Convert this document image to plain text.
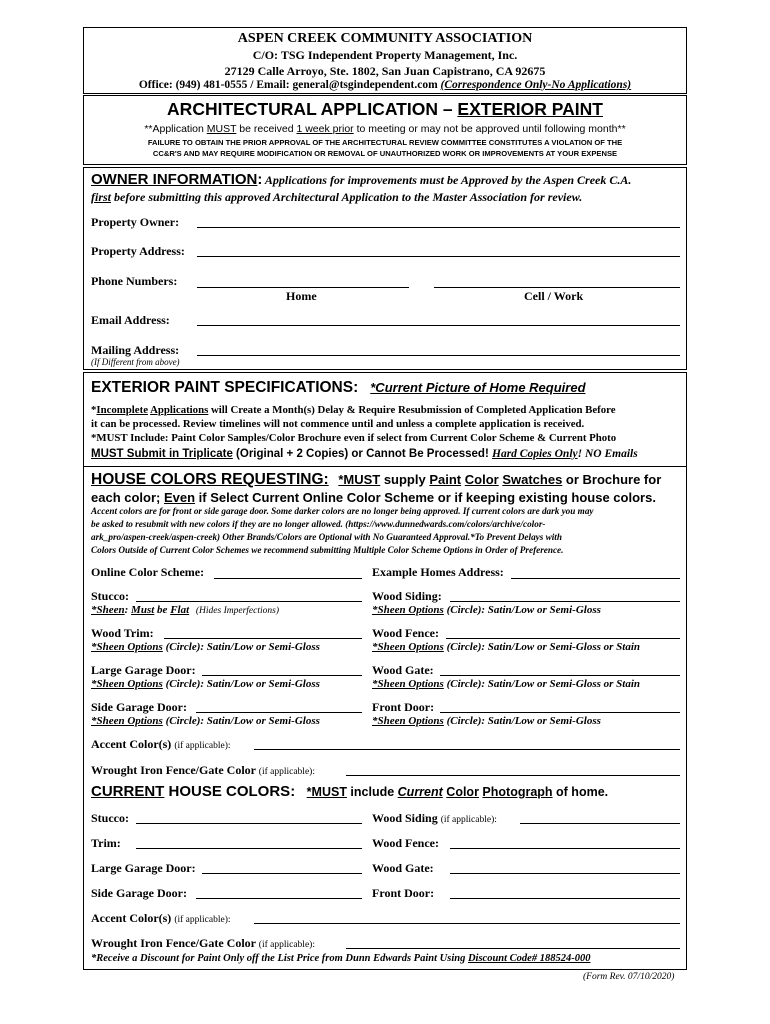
ASPEN CREEK COMMUNITY ASSOCIATION
C/O: TSG Independent Property Management, Inc.
27129 Calle Arroyo, Ste. 1802, San Juan Capistrano, CA 92675
Office: (949) 481-0555 / Email: general@tsgindependent.com (Correspondence Only-No Applications)
ARCHITECTURAL APPLICATION – EXTERIOR PAINT
**Application MUST be received 1 week prior to meeting or may not be approved until following month**
FAILURE TO OBTAIN THE PRIOR APPROVAL OF THE ARCHITECTURAL REVIEW COMMITTEE CONSTITUTES A VIOLATION OF THE
CC&R'S AND MAY REQUIRE MODIFICATION OR REMOVAL OF UNAUTHORIZED WORK OR IMPROVEMENTS AT YOUR EXPENSE
OWNER INFORMATION: Applications for improvements must be Approved by the Aspen Creek C.A.
first before submitting this approved Architectural Application to the Master Association for review.
Property Owner:
Property Address:
Phone Numbers:
Home	Cell / Work
Email Address:
Mailing Address:
(If Different from above)
EXTERIOR PAINT SPECIFICATIONS: *Current Picture of Home Required
*Incomplete Applications will Create a Month(s) Delay & Require Resubmission of Completed Application Before
it can be processed. Review timelines will not commence until and unless a complete application is received.
*MUST Include: Paint Color Samples/Color Brochure even if select from Current Color Scheme & Current Photo
MUST Submit in Triplicate (Original + 2 Copies) or Cannot Be Processed! Hard Copies Only! NO Emails
HOUSE COLORS REQUESTING: *MUST supply Paint Color Swatches or Brochure for
each color; Even if Select Current Online Color Scheme or if keeping existing house colors.
Accent colors are for front or side garage door. Some darker colors are no longer being approved. If current colors are dark you may
be asked to resubmit with new colors if they are no longer allowed. (https://www.dunnedwards.com/colors/archive/color-
ark_pro/aspen-creek/aspen-creek) Other Brands/Colors are Optional with No Guaranteed Approval.*To Prevent Delays with
Colors Outside of Current Color Schemes we recommend submitting Multiple Color Scheme Options in Order of Preference.
Online Color Scheme:	Example Homes Address:
Stucco:
*Sheen: Must be Flat (Hides Imperfections)
Wood Siding:
*Sheen Options (Circle): Satin/Low or Semi-Gloss
Wood Trim:
*Sheen Options (Circle): Satin/Low or Semi-Gloss
Wood Fence:
*Sheen Options (Circle): Satin/Low or Semi-Gloss or Stain
Large Garage Door:
*Sheen Options (Circle): Satin/Low or Semi-Gloss
Wood Gate:
*Sheen Options (Circle): Satin/Low or Semi-Gloss or Stain
Side Garage Door:
*Sheen Options (Circle): Satin/Low or Semi-Gloss
Front Door:
*Sheen Options (Circle): Satin/Low or Semi-Gloss
Accent Color(s) (if applicable):
Wrought Iron Fence/Gate Color (if applicable):
CURRENT HOUSE COLORS: *MUST include Current Color Photograph of home.
Stucco:	Wood Siding (if applicable):
Trim:	Wood Fence:
Large Garage Door:	Wood Gate:
Side Garage Door:	Front Door:
Accent Color(s) (if applicable):
Wrought Iron Fence/Gate Color (if applicable):
*Receive a Discount for Paint Only off the List Price from Dunn Edwards Paint Using Discount Code# 188524-000
(Form Rev. 07/10/2020)
